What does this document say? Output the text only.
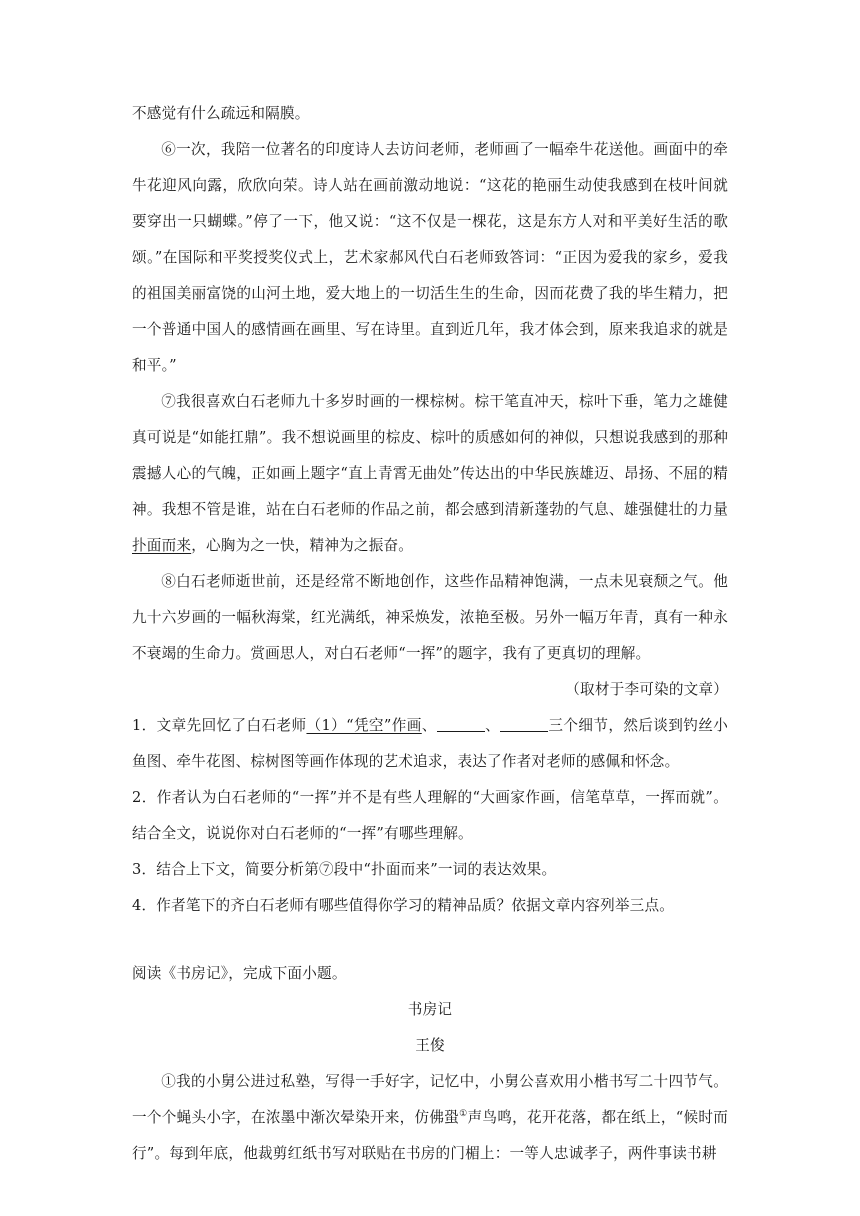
不感觉有什么疏远和隔膜。

⑥一次，我陪一位著名的印度诗人去访问老师，老师画了一幅牵牛花送他。画面中的牵牛花迎风向露，欣欣向荣。诗人站在画前激动地说：“这花的艳丽生动使我感到在枝叶间就要穿出一只蝴蝶。”停了一下，他又说：“这不仅是一棵花，这是东方人对和平美好生活的歌颂。”在国际和平奖授奖仪式上，艺术家郝风代白石老师致答词：“正因为爱我的家乡，爱我的祖国美丽富饶的山河土地，爱大地上的一切活生生的生命，因而花费了我的毕生精力，把一个普通中国人的感情画在画里、写在诗里。直到近几年，我才体会到，原来我追求的就是和平。”

⑦我很喜欢白石老师九十多岁时画的一棵棕树。棕干笔直冲天，棕叶下垂，笔力之雄健真可说是“如能扛鼎”。我不想说画里的棕皮、棕叶的质感如何的神似，只想说我感到的那种震撼人心的气魄，正如画上题字“直上青霄无曲处”传达出的中华民族雄迈、昂扬、不屈的精神。我想不管是谁，站在白石老师的作品之前，都会感到清新蓬勃的气息、雄强健壮的力量扑面而来，心胸为之一快，精神为之振奋。

⑧白石老师逝世前，还是经常不断地创作，这些作品精神饱满，一点未见衰颓之气。他九十六岁画的一幅秋海棠，红光满纸，神采焕发，浓艳至极。另外一幅万年青，真有一种永不衰竭的生命力。赏画思人，对白石老师“一挥”的题字，我有了更真切的理解。

（取材于李可染的文章）

1．文章先回忆了白石老师（1）“凭空”作画、	、	三个细节，然后谈到钓丝小鱼图、牵牛花图、棕树图等画作体现的艺术追求，表达了作者对老师的感佩和怀念。

2．作者认为白石老师的“一挥”并不是有些人理解的“大画家作画，信笔草草，一挥而就”。结合全文，说说你对白石老师的“一挥”有哪些理解。

3．结合上下文，简要分析第⑦段中“扑面而来”一词的表达效果。

4．作者笔下的齐白石老师有哪些值得你学习的精神品质？依据文章内容列举三点。

阅读《书房记》，完成下面小题。

书房记

王俊

①我的小舅公进过私塾，写得一手好字，记忆中，小舅公喜欢用小楷书写二十四节气。一个个蝇头小字，在浓墨中渐次晕染开来，仿佛蛩①声鸟鸣，花开花落，都在纸上，“候时而行”。每到年底，他裁剪红纸书写对联贴在书房的门楣上：一等人忠诚孝子，两件事读书耕
